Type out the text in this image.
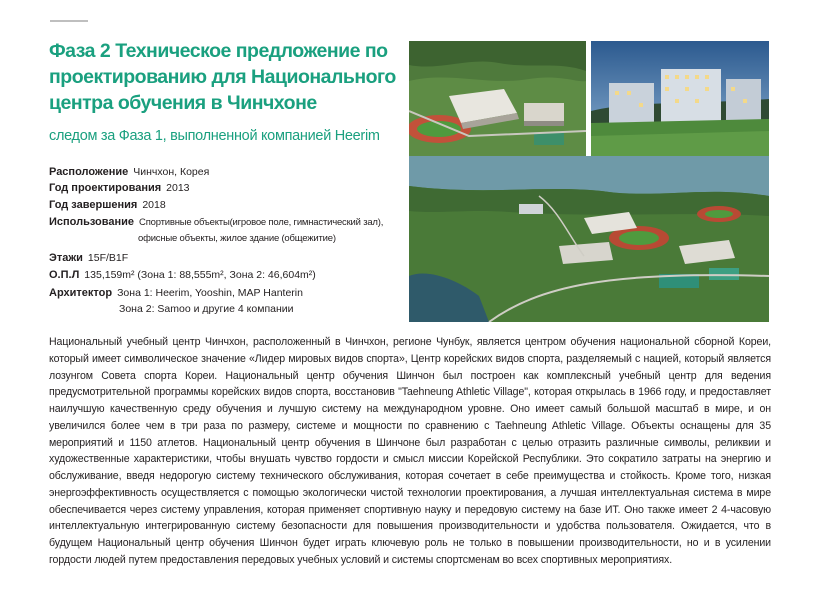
Фаза 2 Техническое предложение по проектированию для Национального центра обучения в Чинчхоне
следом за Фаза 1, выполненной компанией Heerim
Расположение Чинчхон, Корея
Год проектирования 2013
Год завершения 2018
Использование Спортивные объекты(игровое поле, гимнастический зал),
офисные объекты, жилое здание (общежитие)
Этажи 15F/B1F
О.П.Л 135,159m² (Зона 1: 88,555m², Зона 2: 46,604m²)
Архитектор Зона 1: Heerim, Yooshin, MAP Hanterin
Зона 2: Samoo и другие 4 компании
Национальный учебный центр Чинчхон, расположенный в Чинчхон, регионе Чунбук, является центром обучения национальной сборной Кореи, который имеет символическое значение «Лидер мировых видов спорта», Центр корейских видов спорта, разделяемый с нацией, который является лозунгом Совета спорта Кореи. Национальный центр обучения Шинчон был построен как комплексный учебный центр для ведения предусмотрительной программы корейских видов спорта, восстановив "Taehneung Athletic Village", которая открылась в 1966 году, и предоставляет наилучшую качественную среду обучения и лучшую систему на международном уровне. Оно имеет самый большой масштаб в мире, и он увеличился более чем в три раза по размеру, системе и мощности по сравнению с Taehneung Athletic Village. Объекты оснащены для 35 мероприятий и 1150 атлетов. Национальный центр обучения в Шинчоне был разработан с целью отразить различные символы, реликвии и художественные характеристики, чтобы внушать чувство гордости и смысл миссии Корейской Республики. Это сократило затраты на энергию и обслуживание, введя недорогую систему технического обслуживания, которая сочетает в себе преимущества и стойкость. Кроме того, низкая энергоэффективность осуществляется с помощью экологически чистой технологии проектирования, а лучшая интеллектуальная система в мире обеспечивается через систему управления, которая применяет спортивную науку и передовую систему на базе ИТ. Оно также имеет 2 4-часовую интеллектуальную интегрированную систему безопасности для повышения производительности и удобства пользователя. Ожидается, что в будущем Национальный центр обучения Шинчон будет играть ключевую роль не только в повышении производительности, но и в усилении гордости людей путем предоставления передовых учебных условий и системы спортсменам во всех спортивных мероприятиях.
